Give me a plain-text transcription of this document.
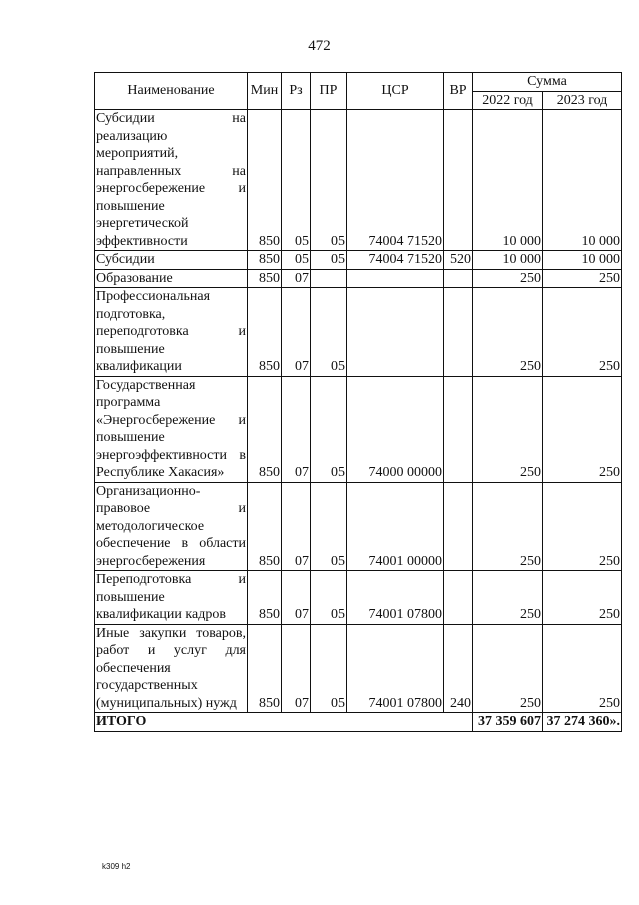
472
Наименование	Мин	Рз	ПР	ЦСР	ВР	Сумма	
						2022 год	2023 год
Субсидии на реализацию мероприятий, направленных на энергосбережение и повышение энергетической эффективности	850	05	05	74004 71520		10 000	10 000
Субсидии	850	05	05	74004 71520	520	10 000	10 000
Образование	850	07				250	250
Профессиональная подготовка, переподготовка и повышение квалификации	850	07	05			250	250
Государственная программа «Энергосбережение и повышение энергоэффективности в Республике Хакасия»	850	07	05	74000 00000		250	250
Организационно-правовое и методологическое обеспечение в области энергосбережения	850	07	05	74001 00000		250	250
Переподготовка и повышение квалификации кадров	850	07	05	74001 07800		250	250
Иные закупки товаров, работ и услуг для обеспечения государственных (муниципальных) нужд	850	07	05	74001 07800	240	250	250
ИТОГО						37 359 607	37 274 360».
k309 h2
